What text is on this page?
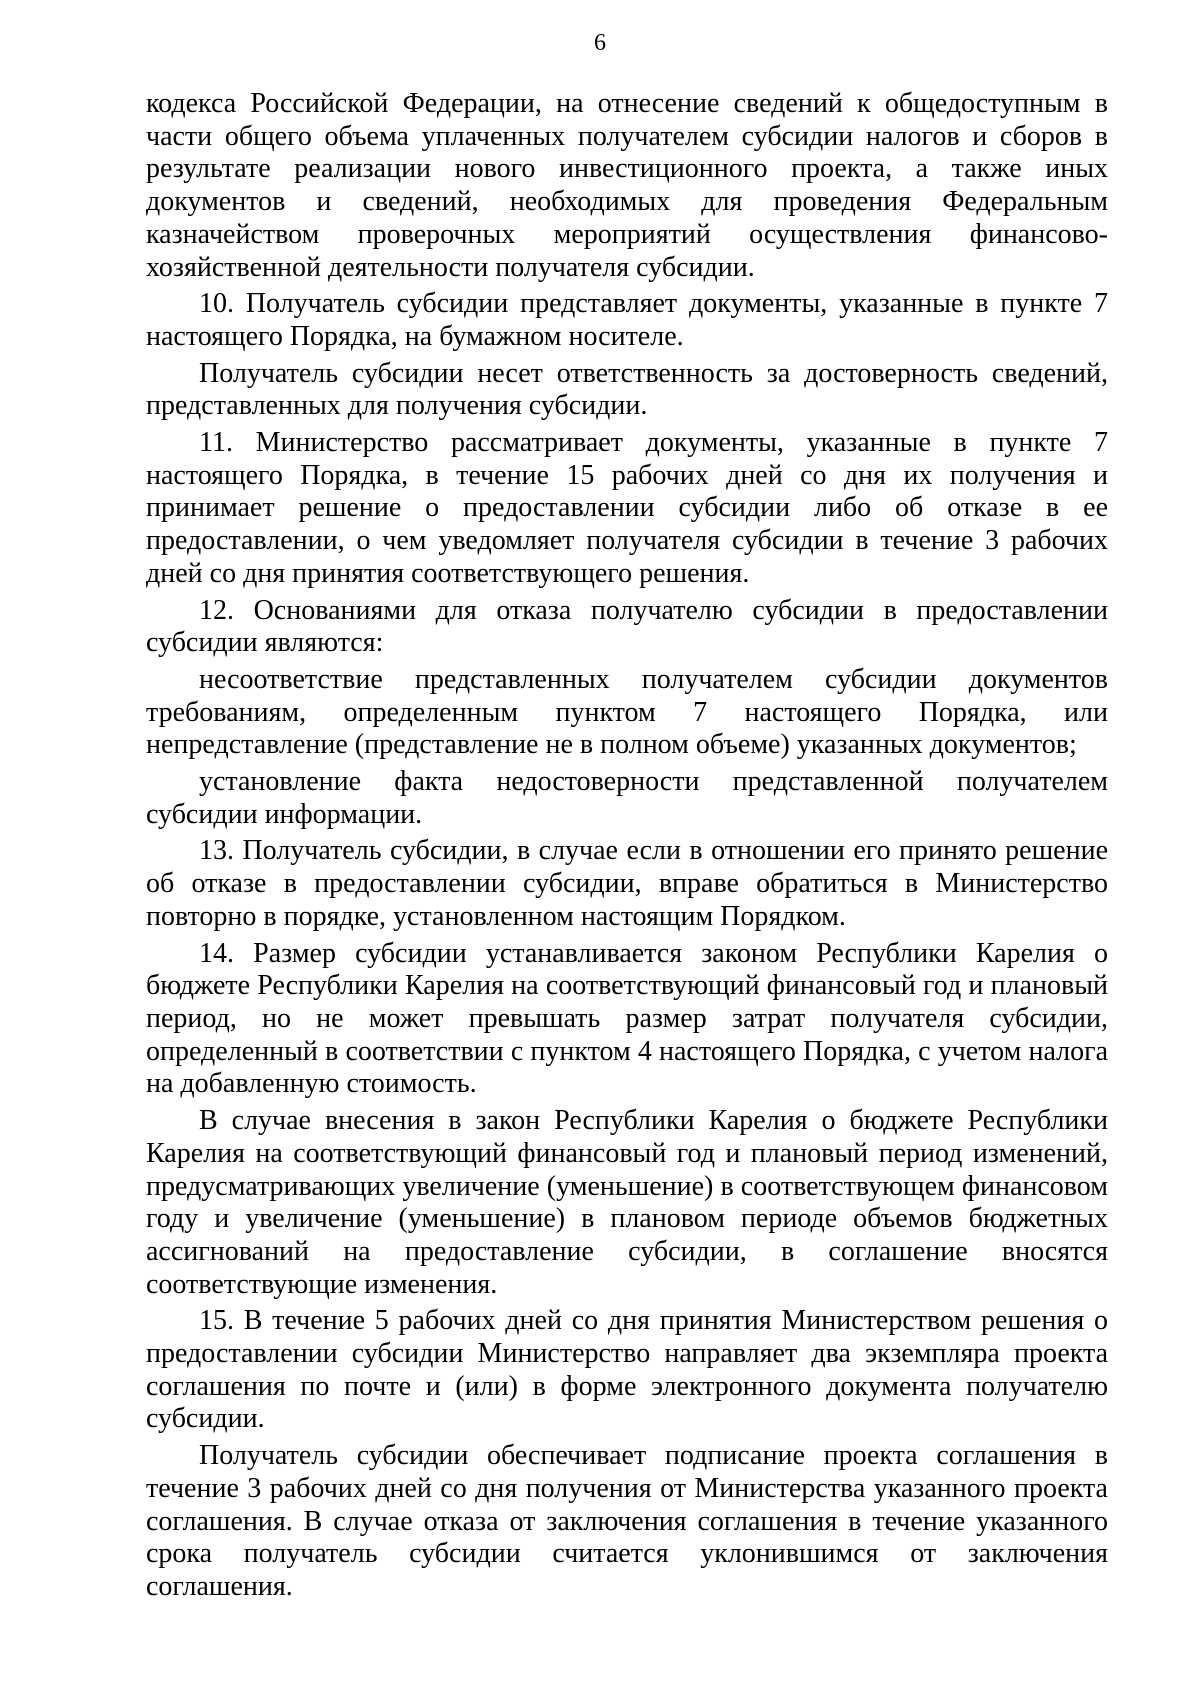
6

кодекса Российской Федерации, на отнесение сведений к общедоступным в части общего объема уплаченных получателем субсидии налогов и сборов в результате реализации нового инвестиционного проекта, а также иных документов и сведений, необходимых для проведения Федеральным казначейством проверочных мероприятий осуществления финансово-хозяйственной деятельности получателя субсидии.

10. Получатель субсидии представляет документы, указанные в пункте 7 настоящего Порядка, на бумажном носителе.

Получатель субсидии несет ответственность за достоверность сведений, представленных для получения субсидии.

11. Министерство рассматривает документы, указанные в пункте 7 настоящего Порядка, в течение 15 рабочих дней со дня их получения и принимает решение о предоставлении субсидии либо об отказе в ее предоставлении, о чем уведомляет получателя субсидии в течение 3 рабочих дней со дня принятия соответствующего решения.

12. Основаниями для отказа получателю субсидии в предоставлении субсидии являются:

несоответствие представленных получателем субсидии документов требованиям, определенным пунктом 7 настоящего Порядка, или непредставление (представление не в полном объеме) указанных документов;

установление факта недостоверности представленной получателем субсидии информации.

13. Получатель субсидии, в случае если в отношении его принято решение об отказе в предоставлении субсидии, вправе обратиться в Министерство повторно в порядке, установленном настоящим Порядком.

14. Размер субсидии устанавливается законом Республики Карелия о бюджете Республики Карелия на соответствующий финансовый год и плановый период, но не может превышать размер затрат получателя субсидии, определенный в соответствии с пунктом 4 настоящего Порядка, с учетом налога на добавленную стоимость.

В случае внесения в закон Республики Карелия о бюджете Республики Карелия на соответствующий финансовый год и плановый период изменений, предусматривающих увеличение (уменьшение) в соответствующем финансовом году и увеличение (уменьшение) в плановом периоде объемов бюджетных ассигнований на предоставление субсидии, в соглашение вносятся соответствующие изменения.

15. В течение 5 рабочих дней со дня принятия Министерством решения о предоставлении субсидии Министерство направляет два экземпляра проекта соглашения по почте и (или) в форме электронного документа получателю субсидии.

Получатель субсидии обеспечивает подписание проекта соглашения в течение 3 рабочих дней со дня получения от Министерства указанного проекта соглашения. В случае отказа от заключения соглашения в течение указанного срока получатель субсидии считается уклонившимся от заключения соглашения.
